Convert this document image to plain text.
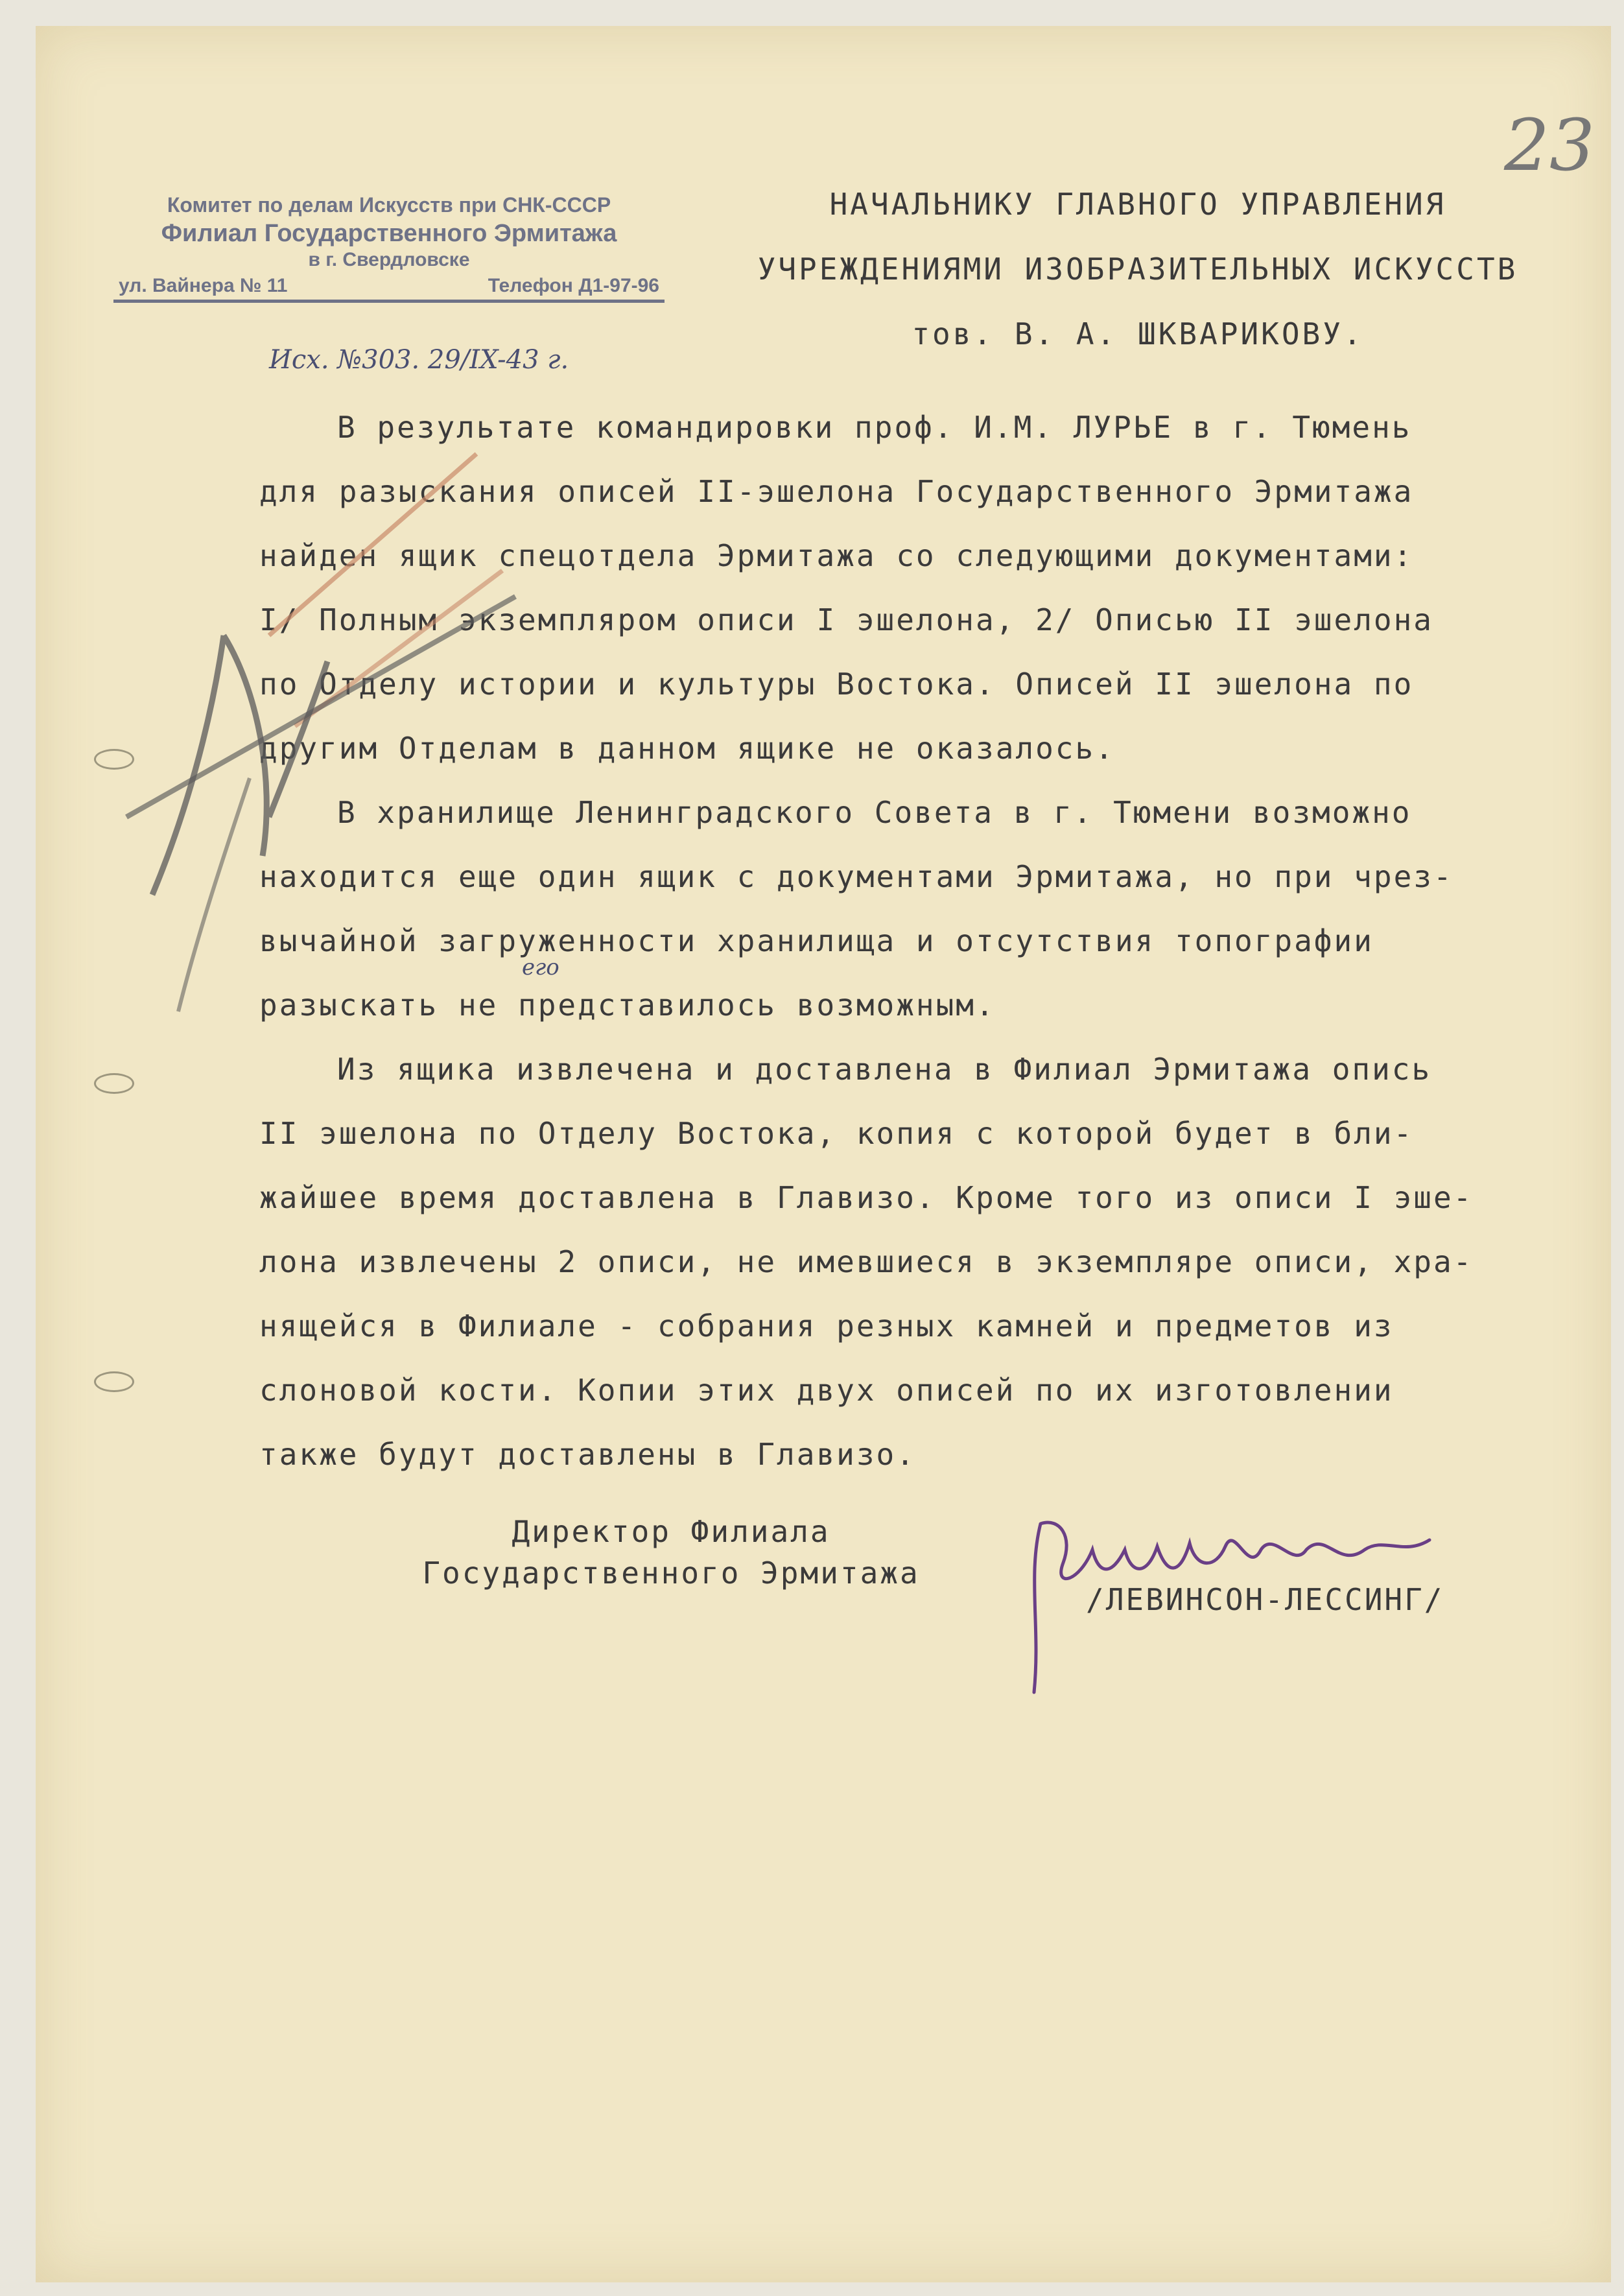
23
Комитет по делам Искусств при СНК-СССР
Филиал Государственного Эрмитажа
в г. Свердловске
ул. Вайнера № 11	Телефон Д1-97-96
Исх. №303. 29/IX-43 г.
НАЧАЛЬНИКУ ГЛАВНОГО УПРАВЛЕНИЯ
УЧРЕЖДЕНИЯМИ ИЗОБРАЗИТЕЛЬНЫХ ИСКУССТВ
тов. В. А. ШКВАРИКОВУ.
В результате командировки проф. И.М. ЛУРЬЕ в г. Тюмень
для разыскания описей II-эшелона Государственного Эрмитажа
найден ящик спецотдела Эрмитажа со следующими документами:
I/ Полным экземпляром описи I эшелона, 2/ Описью II эшелона
по Отделу истории и культуры Востока. Описей II эшелона по
другим Отделам в данном ящике не оказалось.
В хранилище Ленинградского Совета в г. Тюмени возможно
находится еще один ящик с документами Эрмитажа, но при чрез-
вычайной загруженности хранилища и отсутствия топографии
разыскать не представилось возможным.
Из ящика извлечена и доставлена в Филиал Эрмитажа опись
II эшелона по Отделу Востока, копия с которой будет в бли-
жайшее время доставлена в Главизо. Кроме того из описи I эше-
лона извлечены 2 описи, не имевшиеся в экземпляре описи, хра-
нящейся в Филиале - собрания резных камней и предметов из
слоновой кости. Копии этих двух описей по их изготовлении
также будут доставлены в Главизо.
его
Директор Филиала
Государственного Эрмитажа
/ЛЕВИНСОН-ЛЕССИНГ/
